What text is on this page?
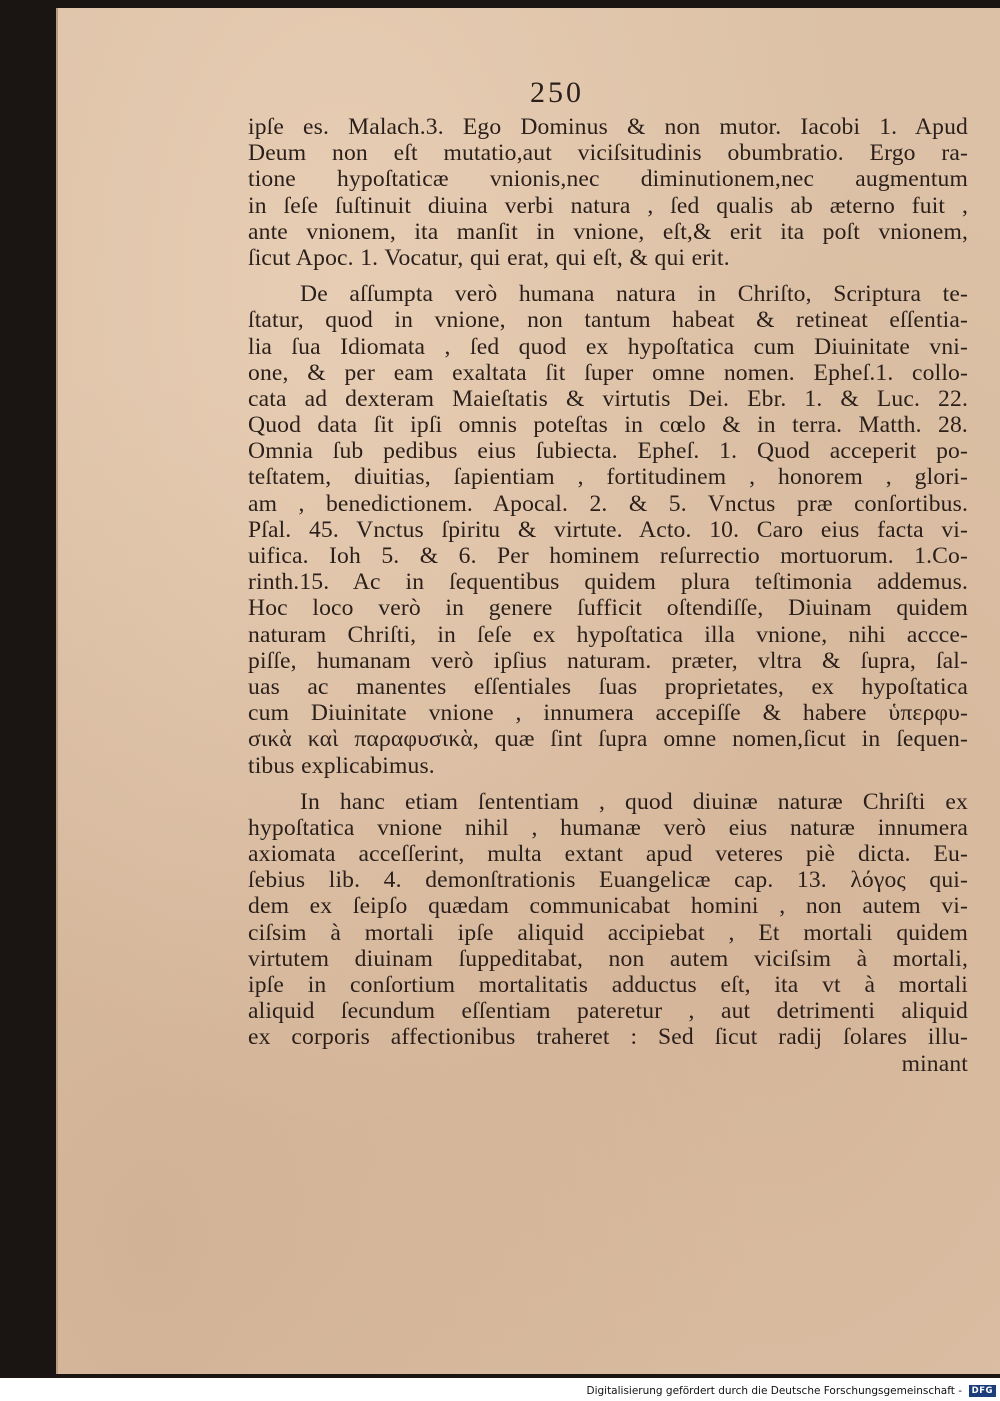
250
ipſe es. Malach.3. Ego Dominus & non mutor. Iacobi 1. Apud
Deum non eſt mutatio,aut viciſsitudinis obumbratio. Ergo ra-
tione hypoſtaticæ vnionis,nec diminutionem,nec augmentum
in ſeſe ſuſtinuit diuina verbi natura , ſed qualis ab æterno fuit ,
ante vnionem, ita manſit in vnione, eſt,& erit ita poſt vnionem,
ſicut Apoc. 1. Vocatur, qui erat, qui eſt, & qui erit.
De aſſumpta verò humana natura in Chriſto, Scriptura te-
ſtatur, quod in vnione, non tantum habeat & retineat eſſentia-
lia ſua Idiomata , ſed quod ex hypoſtatica cum Diuinitate vni-
one, & per eam exaltata ſit ſuper omne nomen. Epheſ.1. collo-
cata ad dexteram Maieſtatis & virtutis Dei. Ebr. 1. & Luc. 22.
Quod data ſit ipſi omnis poteſtas in cœlo & in terra. Matth. 28.
Omnia ſub pedibus eius ſubiecta. Epheſ. 1. Quod acceperit po-
teſtatem, diuitias, ſapientiam , fortitudinem , honorem , glori-
am , benedictionem. Apocal. 2. & 5. Vnctus præ conſortibus.
Pſal. 45. Vnctus ſpiritu & virtute. Acto. 10. Caro eius facta vi-
uifica. Ioh 5. & 6. Per hominem reſurrectio mortuorum. 1.Co-
rinth.15. Ac in ſequentibus quidem plura teſtimonia addemus.
Hoc loco verò in genere ſufficit oſtendiſſe, Diuinam quidem
naturam Chriſti, in ſeſe ex hypoſtatica illa vnione, nihi accce-
piſſe, humanam verò ipſius naturam. præter, vltra & ſupra, ſal-
uas ac manentes eſſentiales ſuas proprietates, ex hypoſtatica
cum Diuinitate vnione , innumera accepiſſe & habere ὑπερφυ-
σικὰ καὶ παραφυσικὰ, quæ ſint ſupra omne nomen,ſicut in ſequen-
tibus explicabimus.
In hanc etiam ſententiam , quod diuinæ naturæ Chriſti ex
hypoſtatica vnione nihil , humanæ verò eius naturæ innumera
axiomata acceſſerint, multa extant apud veteres piè dicta. Eu-
ſebius lib. 4. demonſtrationis Euangelicæ cap. 13. λόγος qui-
dem ex ſeipſo quædam communicabat homini , non autem vi-
ciſsim à mortali ipſe aliquid accipiebat , Et mortali quidem
virtutem diuinam ſuppeditabat, non autem viciſsim à mortali,
ipſe in conſortium mortalitatis adductus eſt, ita vt à mortali
aliquid ſecundum eſſentiam pateretur , aut detrimenti aliquid
ex corporis affectionibus traheret : Sed ſicut radij ſolares illu-
minant
Digitalisierung gefördert durch die Deutsche Forschungsgemeinschaft -	DFG
